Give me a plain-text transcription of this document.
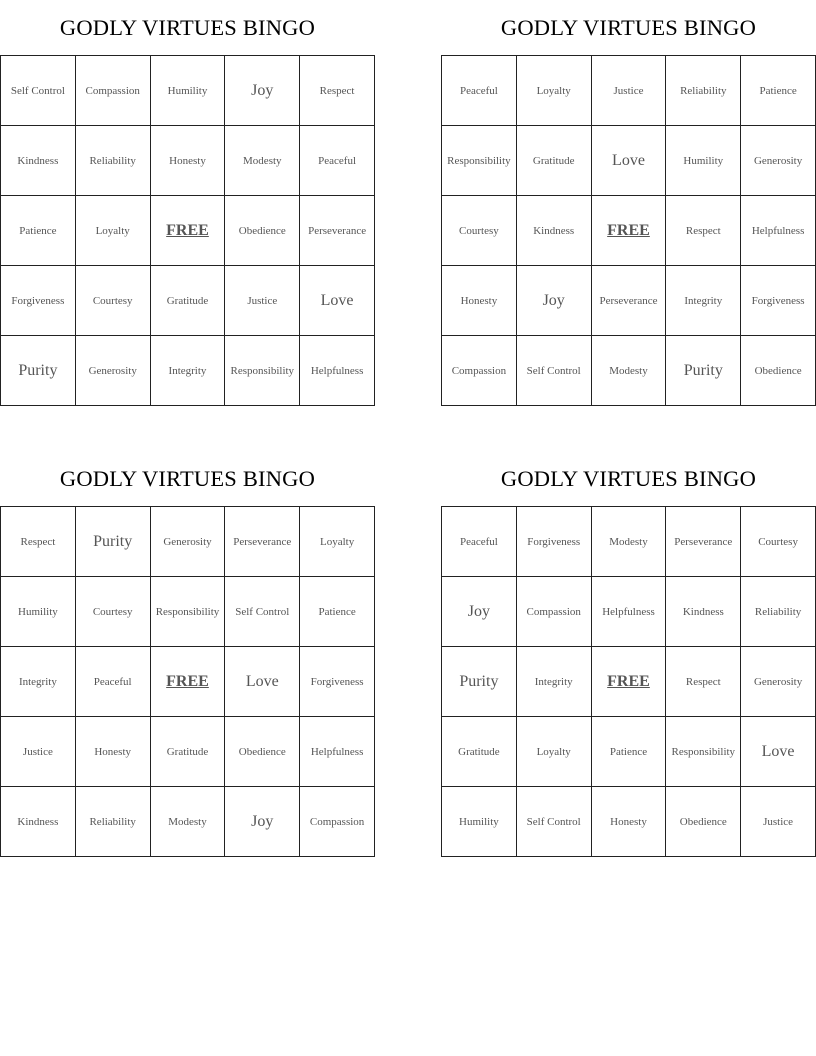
GODLY VIRTUES BINGO
Self Control	Compassion	Humility	Joy	Respect
Kindness	Reliability	Honesty	Modesty	Peaceful
Patience	Loyalty	FREE	Obedience	Perseverance
Forgiveness	Courtesy	Gratitude	Justice	Love
Purity	Generosity	Integrity	Responsibility	Helpfulness
GODLY VIRTUES BINGO
Peaceful	Loyalty	Justice	Reliability	Patience
Responsibility	Gratitude	Love	Humility	Generosity
Courtesy	Kindness	FREE	Respect	Helpfulness
Honesty	Joy	Perseverance	Integrity	Forgiveness
Compassion	Self Control	Modesty	Purity	Obedience
GODLY VIRTUES BINGO
Respect	Purity	Generosity	Perseverance	Loyalty
Humility	Courtesy	Responsibility	Self Control	Patience
Integrity	Peaceful	FREE	Love	Forgiveness
Justice	Honesty	Gratitude	Obedience	Helpfulness
Kindness	Reliability	Modesty	Joy	Compassion
GODLY VIRTUES BINGO
Peaceful	Forgiveness	Modesty	Perseverance	Courtesy
Joy	Compassion	Helpfulness	Kindness	Reliability
Purity	Integrity	FREE	Respect	Generosity
Gratitude	Loyalty	Patience	Responsibility	Love
Humility	Self Control	Honesty	Obedience	Justice
